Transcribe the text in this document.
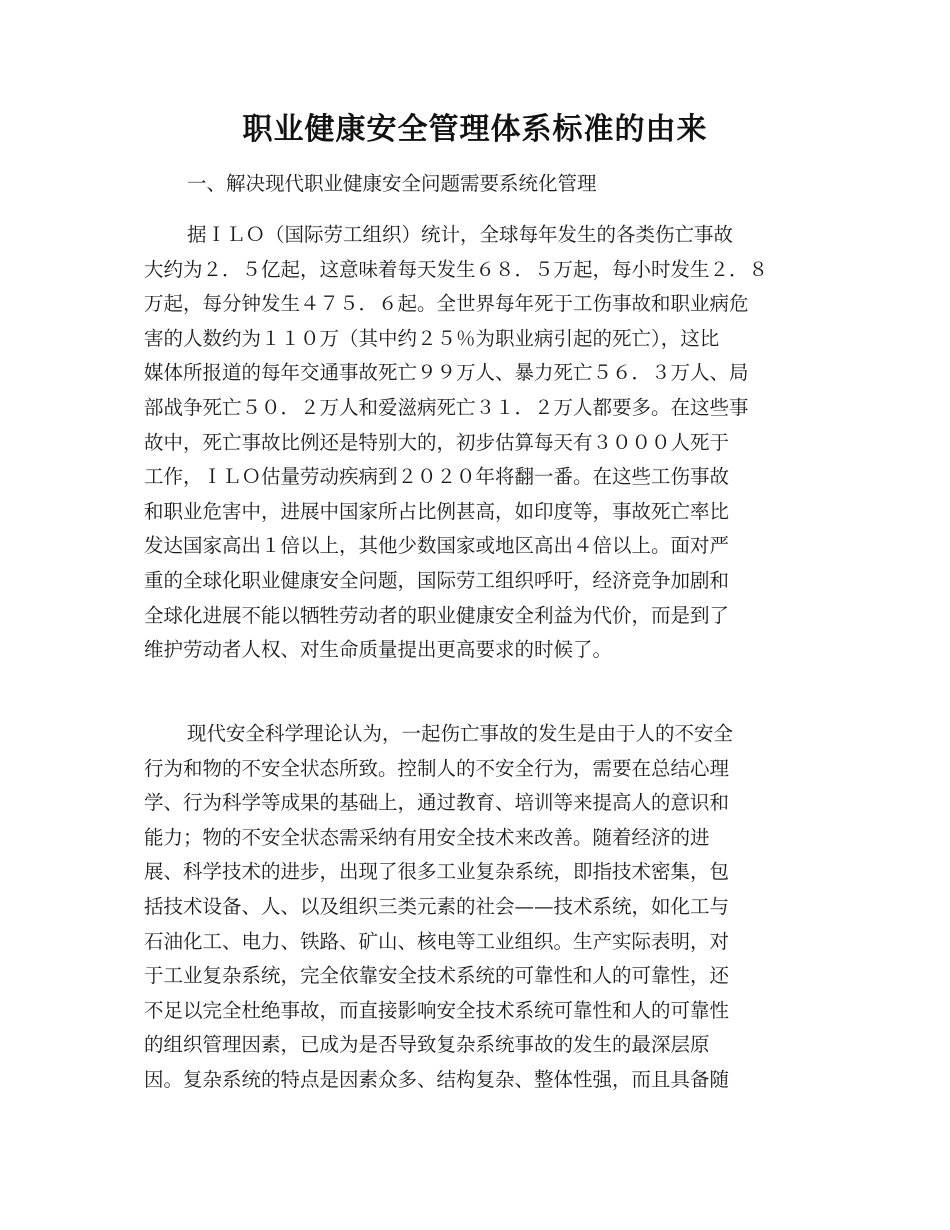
职业健康安全管理体系标准的由来
一、解决现代职业健康安全问题需要系统化管理
据ＩＬＯ（国际劳工组织）统计，全球每年发生的各类伤亡事故
大约为２．５亿起，这意味着每天发生６８．５万起，每小时发生２．８
万起，每分钟发生４７５．６起。全世界每年死于工伤事故和职业病危
害的人数约为１１０万（其中约２５％为职业病引起的死亡），这比
媒体所报道的每年交通事故死亡９９万人、暴力死亡５６．３万人、局
部战争死亡５０．２万人和爱滋病死亡３１．２万人都要多。在这些事
故中，死亡事故比例还是特别大的，初步估算每天有３０００人死于
工作，ＩＬＯ估量劳动疾病到２０２０年将翻一番。在这些工伤事故
和职业危害中，进展中国家所占比例甚高，如印度等，事故死亡率比
发达国家高出１倍以上，其他少数国家或地区高出４倍以上。面对严
重的全球化职业健康安全问题，国际劳工组织呼吁，经济竞争加剧和
全球化进展不能以牺牲劳动者的职业健康安全利益为代价，而是到了
维护劳动者人权、对生命质量提出更高要求的时候了。
现代安全科学理论认为，一起伤亡事故的发生是由于人的不安全
行为和物的不安全状态所致。控制人的不安全行为，需要在总结心理
学、行为科学等成果的基础上，通过教育、培训等来提高人的意识和
能力；物的不安全状态需采纳有用安全技术来改善。随着经济的进
展、科学技术的进步，出现了很多工业复杂系统，即指技术密集，包
括技术设备、人、以及组织三类元素的社会——技术系统，如化工与
石油化工、电力、铁路、矿山、核电等工业组织。生产实际表明，对
于工业复杂系统，完全依靠安全技术系统的可靠性和人的可靠性，还
不足以完全杜绝事故，而直接影响安全技术系统可靠性和人的可靠性
的组织管理因素，已成为是否导致复杂系统事故的发生的最深层原
因。复杂系统的特点是因素众多、结构复杂、整体性强，而且具备随
